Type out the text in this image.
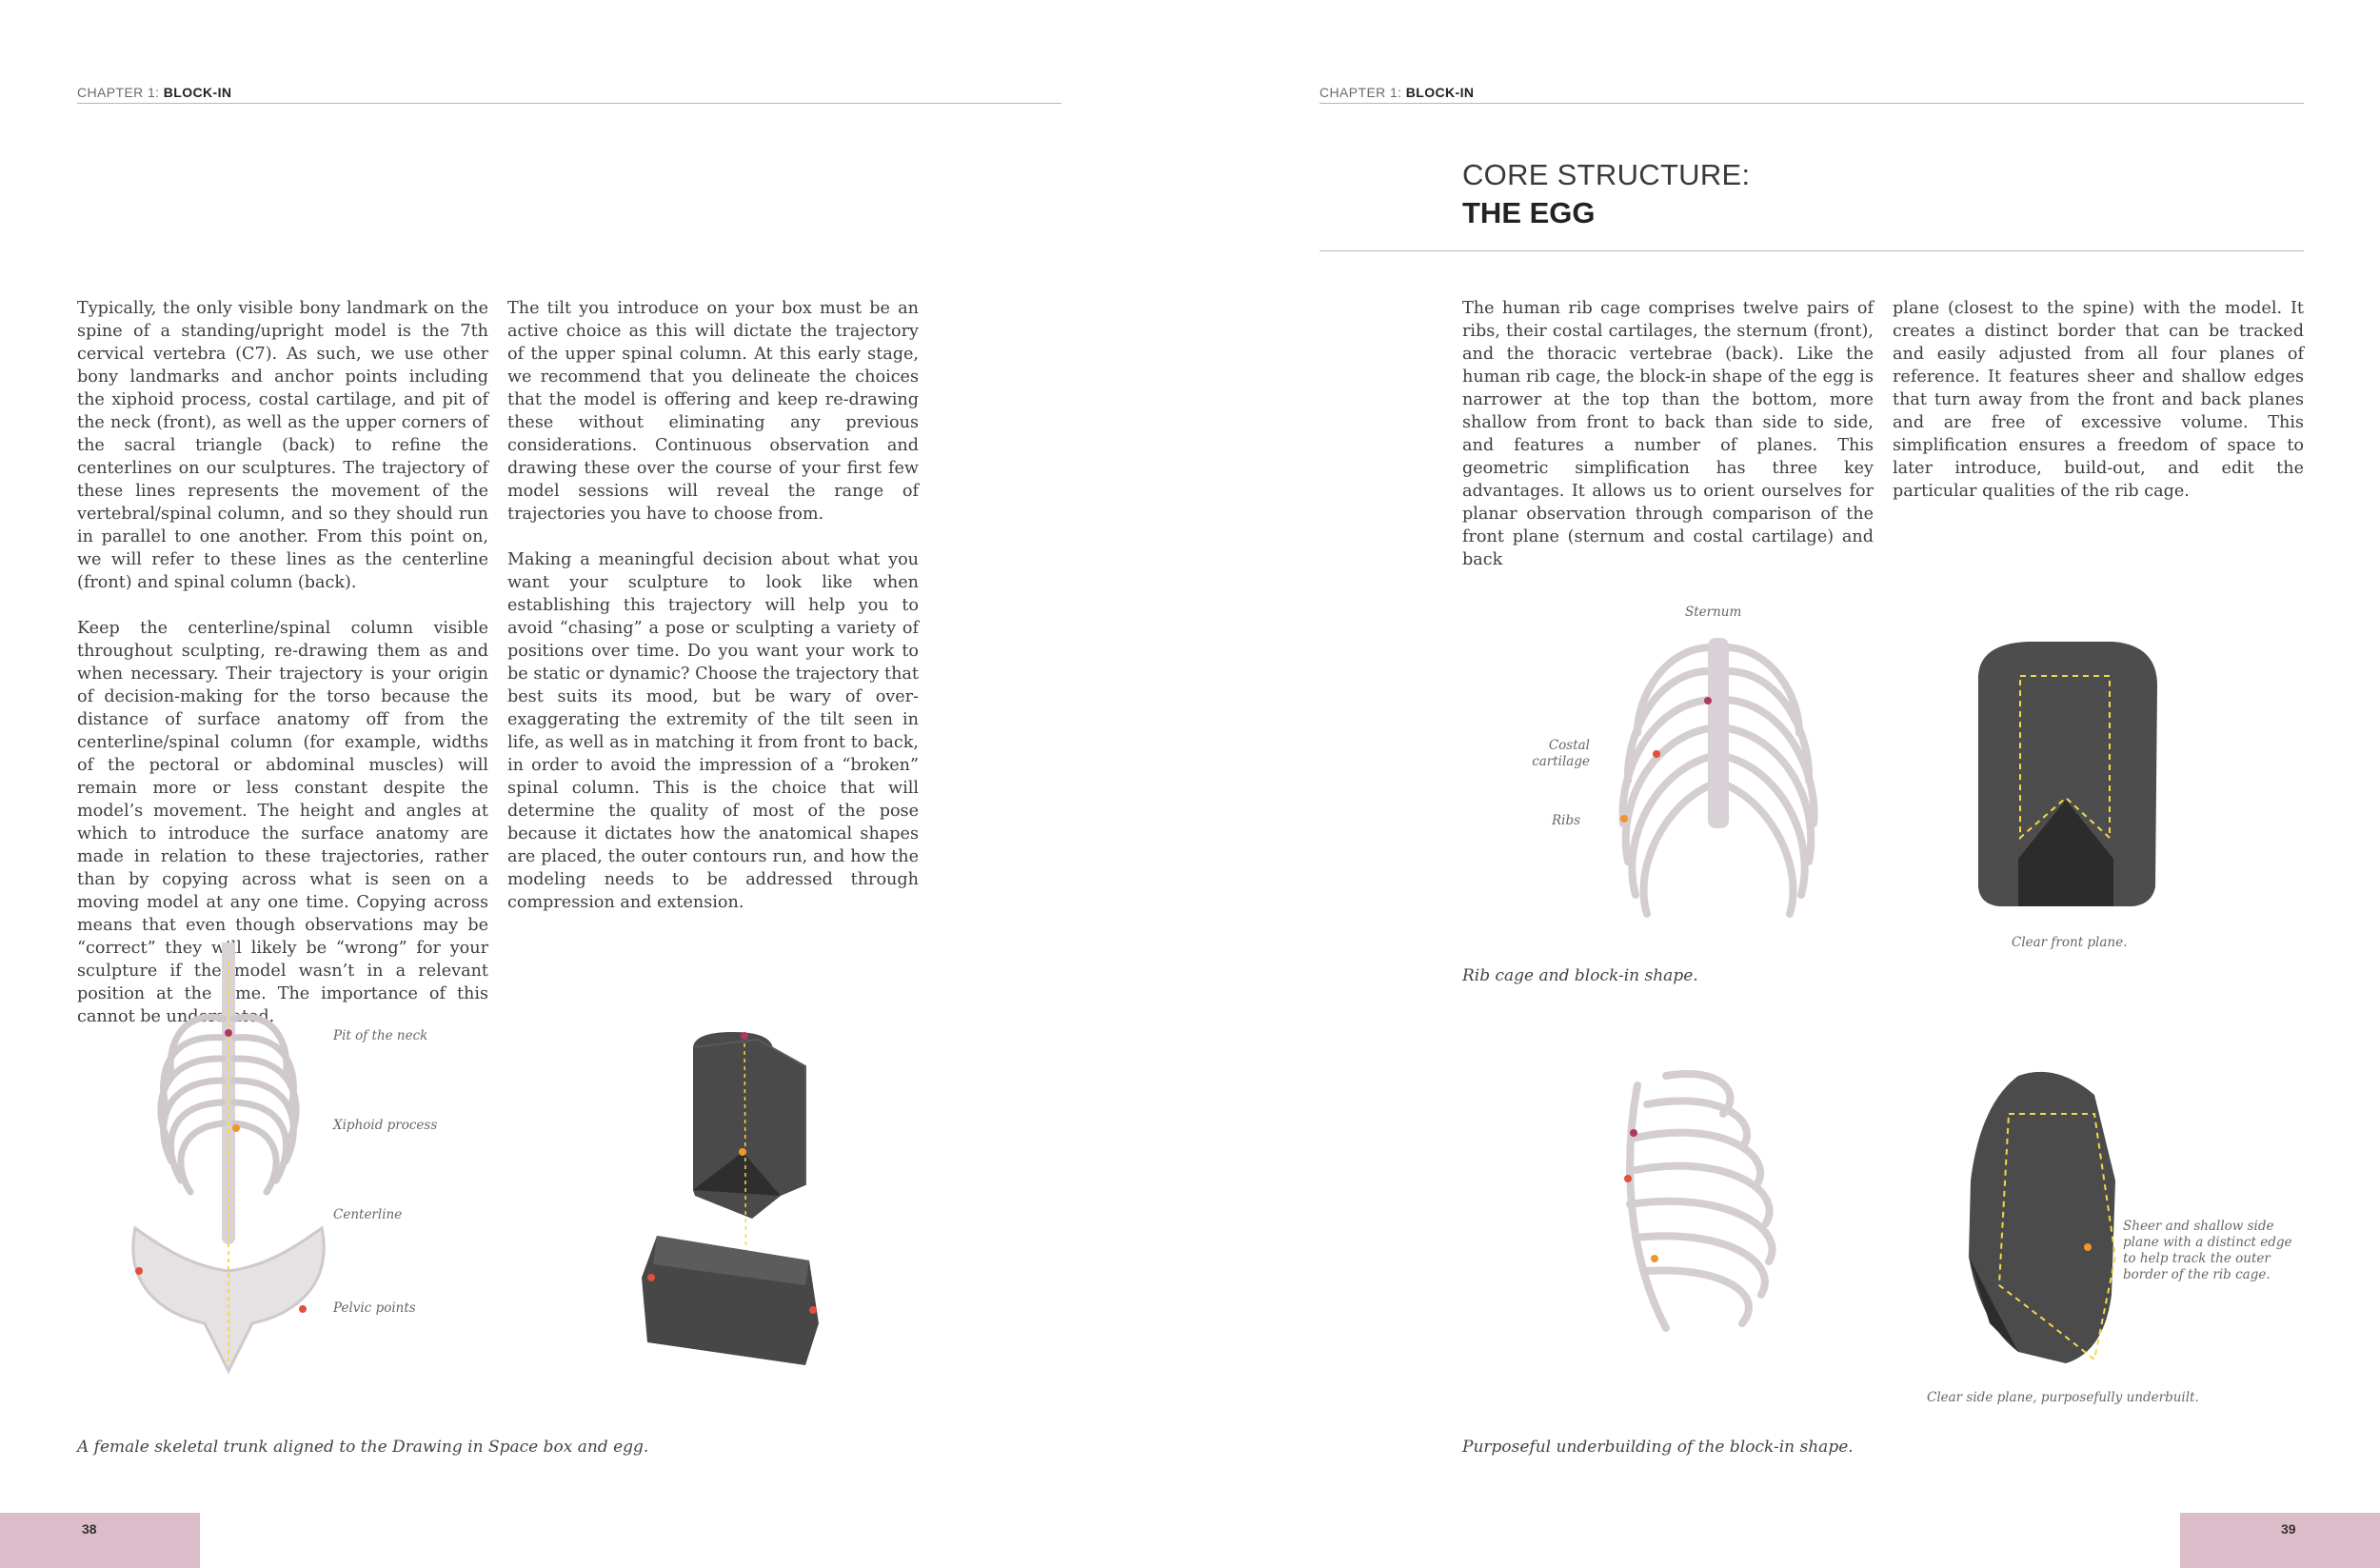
CHAPTER 1: BLOCK-IN

Typically, the only visible bony landmark on the spine of a standing/upright model is the 7th cervical vertebra (C7). As such, we use other bony landmarks and anchor points including the xiphoid process, costal cartilage, and pit of the neck (front), as well as the upper corners of the sacral triangle (back) to refine the centerlines on our sculptures. The trajectory of these lines represents the movement of the vertebral/spinal column, and so they should run in parallel to one another. From this point on, we will refer to these lines as the centerline (front) and spinal column (back).

Keep the centerline/spinal column visible throughout sculpting, re-drawing them as and when necessary. Their trajectory is your origin of decision-making for the torso because the distance of surface anatomy off from the centerline/spinal column (for example, widths of the pectoral or abdominal muscles) will remain more or less constant despite the model’s movement. The height and angles at which to introduce the surface anatomy are made in relation to these trajectories, rather than by copying across what is seen on a moving model at any one time. Copying across means that even though observations may be “correct” they will likely be “wrong” for your sculpture if the model wasn’t in a relevant position at the time. The importance of this cannot be understated.

The tilt you introduce on your box must be an active choice as this will dictate the trajectory of the upper spinal column. At this early stage, we recommend that you delineate the choices that the model is offering and keep re-drawing these without eliminating any previous considerations. Continuous observation and drawing these over the course of your first few model sessions will reveal the range of trajectories you have to choose from.

Making a meaningful decision about what you want your sculpture to look like when establishing this trajectory will help you to avoid “chasing” a pose or sculpting a variety of positions over time. Do you want your work to be static or dynamic? Choose the trajectory that best suits its mood, but be wary of over-exaggerating the extremity of the tilt seen in life, as well as in matching it from front to back, in order to avoid the impression of a “broken” spinal column. This is the choice that will determine the quality of most of the pose because it dictates how the anatomical shapes are placed, the outer contours run, and how the modeling needs to be addressed through compression and extension.

Pit of the neck
Xiphoid process
Centerline
Pelvic points
A female skeletal trunk aligned to the Drawing in Space box and egg.
38
CHAPTER 1: BLOCK-IN
CORE STRUCTURE:
THE EGG

The human rib cage comprises twelve pairs of ribs, their costal cartilages, the sternum (front), and the thoracic vertebrae (back). Like the human rib cage, the block-in shape of the egg is narrower at the top than the bottom, more shallow from front to back than side to side, and features a number of planes. This geometric simplification has three key advantages. It allows us to orient ourselves for planar observation through comparison of the front plane (sternum and costal cartilage) and back

plane (closest to the spine) with the model. It creates a distinct border that can be tracked and easily adjusted from all four planes of reference. It features sheer and shallow edges that turn away from the front and back planes and are free of excessive volume. This simplification ensures a freedom of space to later introduce, build-out, and edit the particular qualities of the rib cage.

Sternum
Costal cartilage
Ribs
Clear front plane.
Rib cage and block-in shape.
Sheer and shallow side plane with a distinct edge to help track the outer border of the rib cage.
Clear side plane, purposefully underbuilt.
Purposeful underbuilding of the block-in shape.
39
